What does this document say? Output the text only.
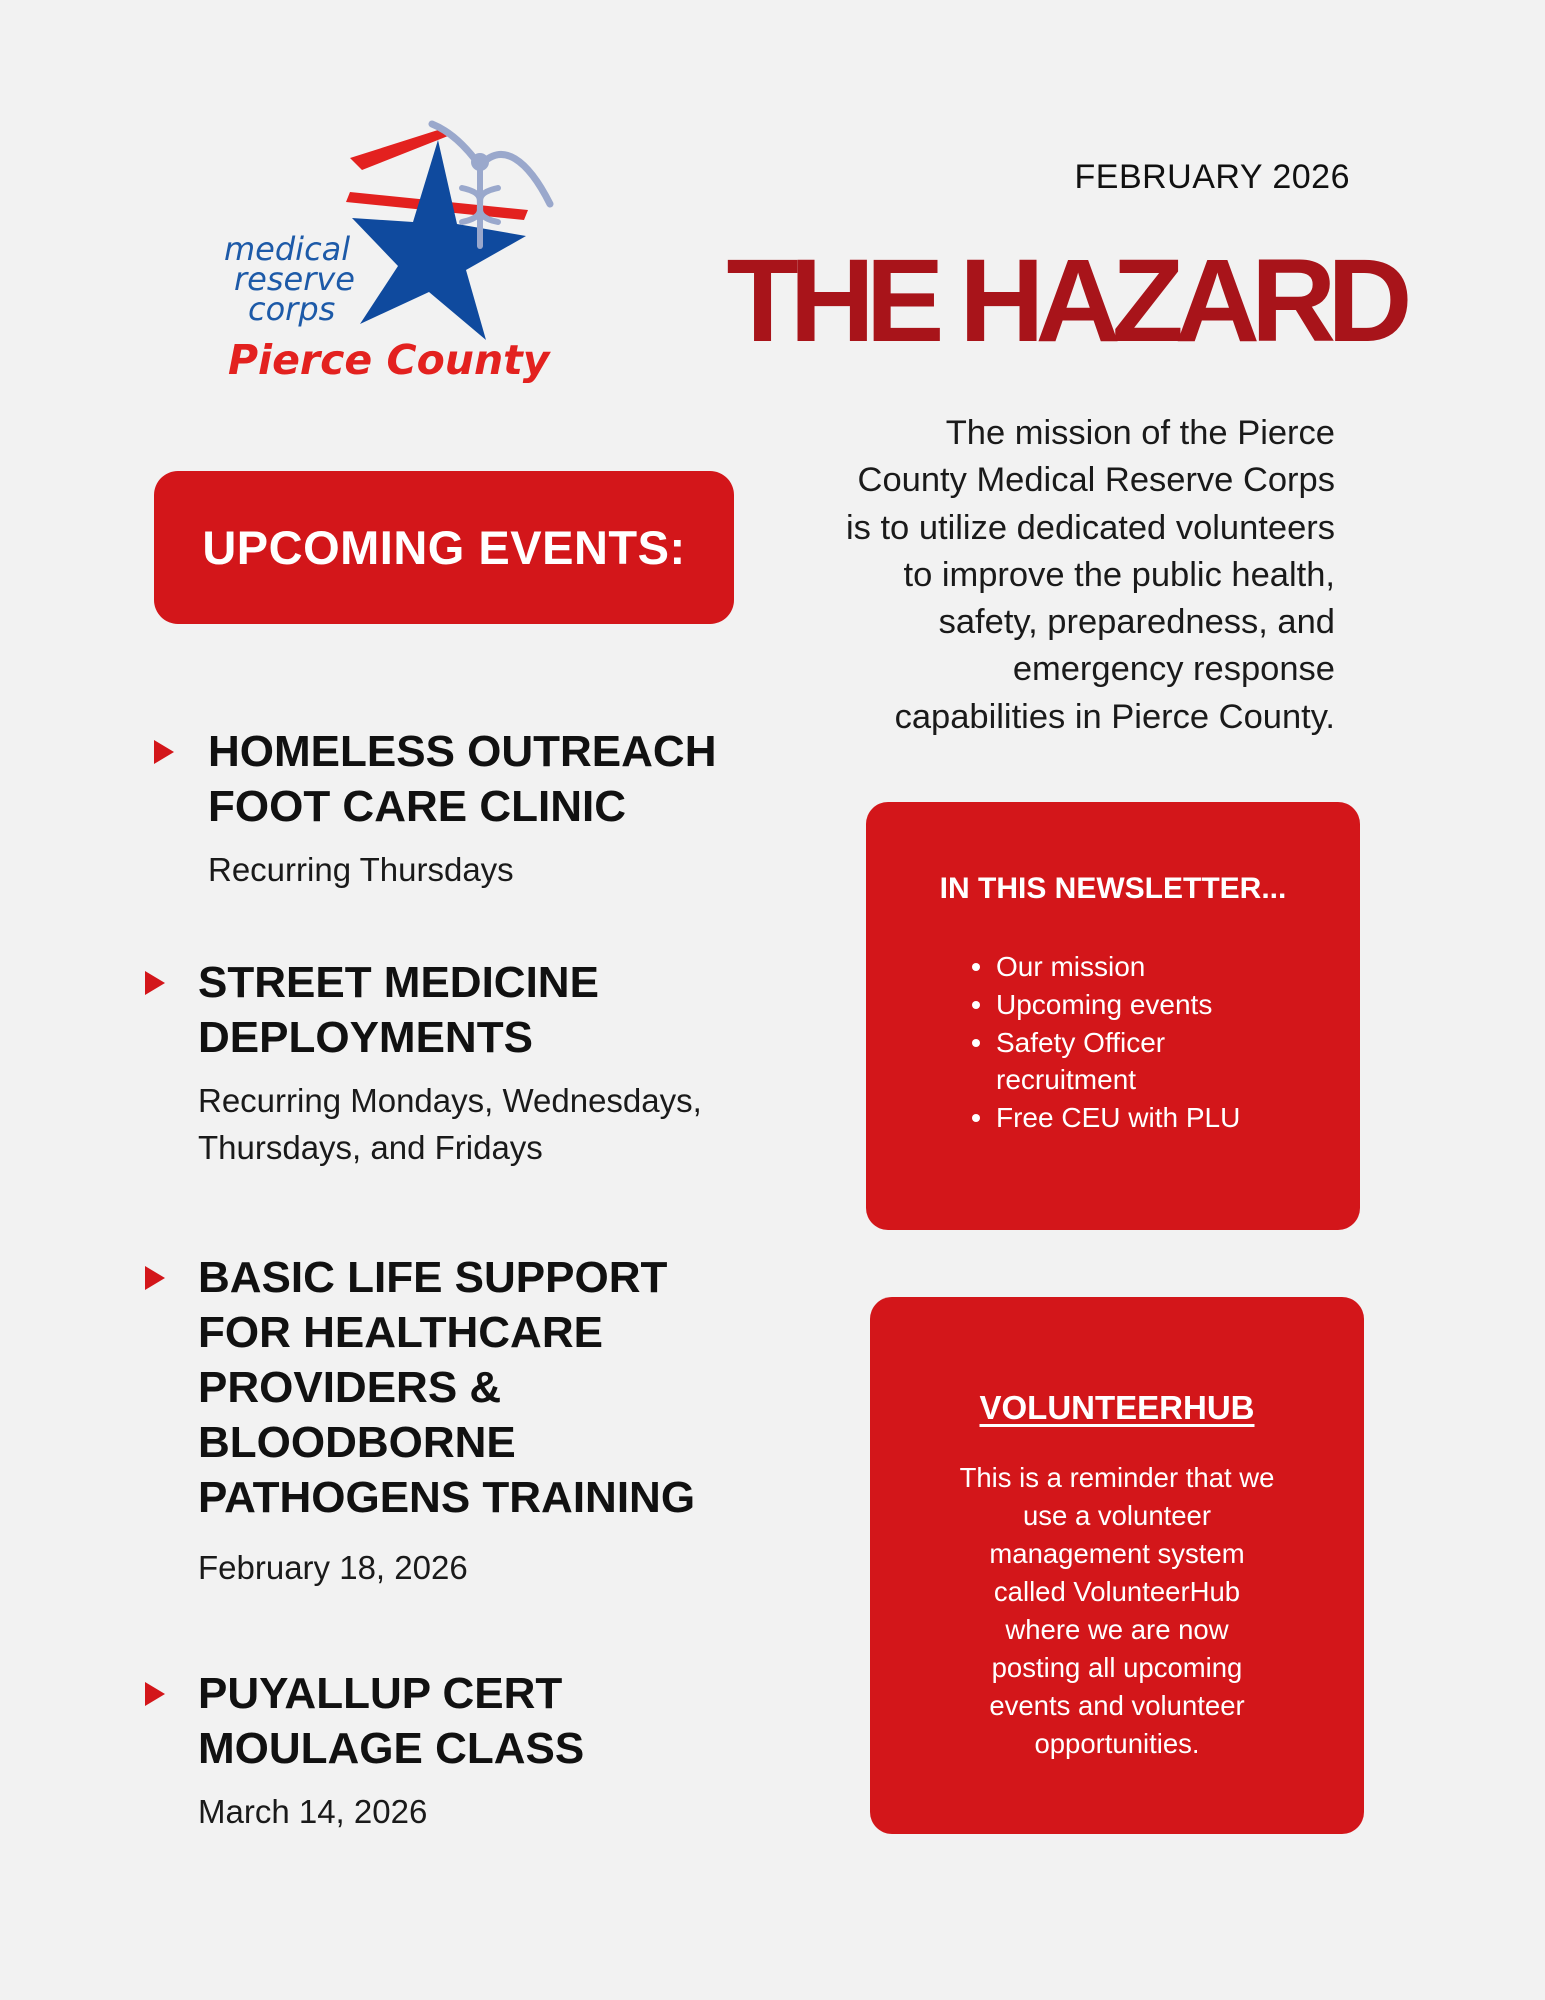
medical
reserve
corps
Pierce County
FEBRUARY 2026
THE HAZARD

The mission of the Pierce
County Medical Reserve Corps
is to utilize dedicated volunteers
to improve the public health,
safety, preparedness, and
emergency response
capabilities in Pierce County.

UPCOMING EVENTS:
HOMELESS OUTREACH
FOOT CARE CLINIC

Recurring Thursdays

STREET MEDICINE
DEPLOYMENTS

Recurring Mondays, Wednesdays,
Thursdays, and Fridays

BASIC LIFE SUPPORT
FOR HEALTHCARE
PROVIDERS &
BLOODBORNE
PATHOGENS TRAINING

February 18, 2026

PUYALLUP CERT
MOULAGE CLASS

March 14, 2026

IN THIS NEWSLETTER...
Our mission
Upcoming events
Safety Officer
recruitment
Free CEU with PLU
VOLUNTEERHUB

This is a reminder that we
use a volunteer
management system
called VolunteerHub
where we are now
posting all upcoming
events and volunteer
opportunities.
